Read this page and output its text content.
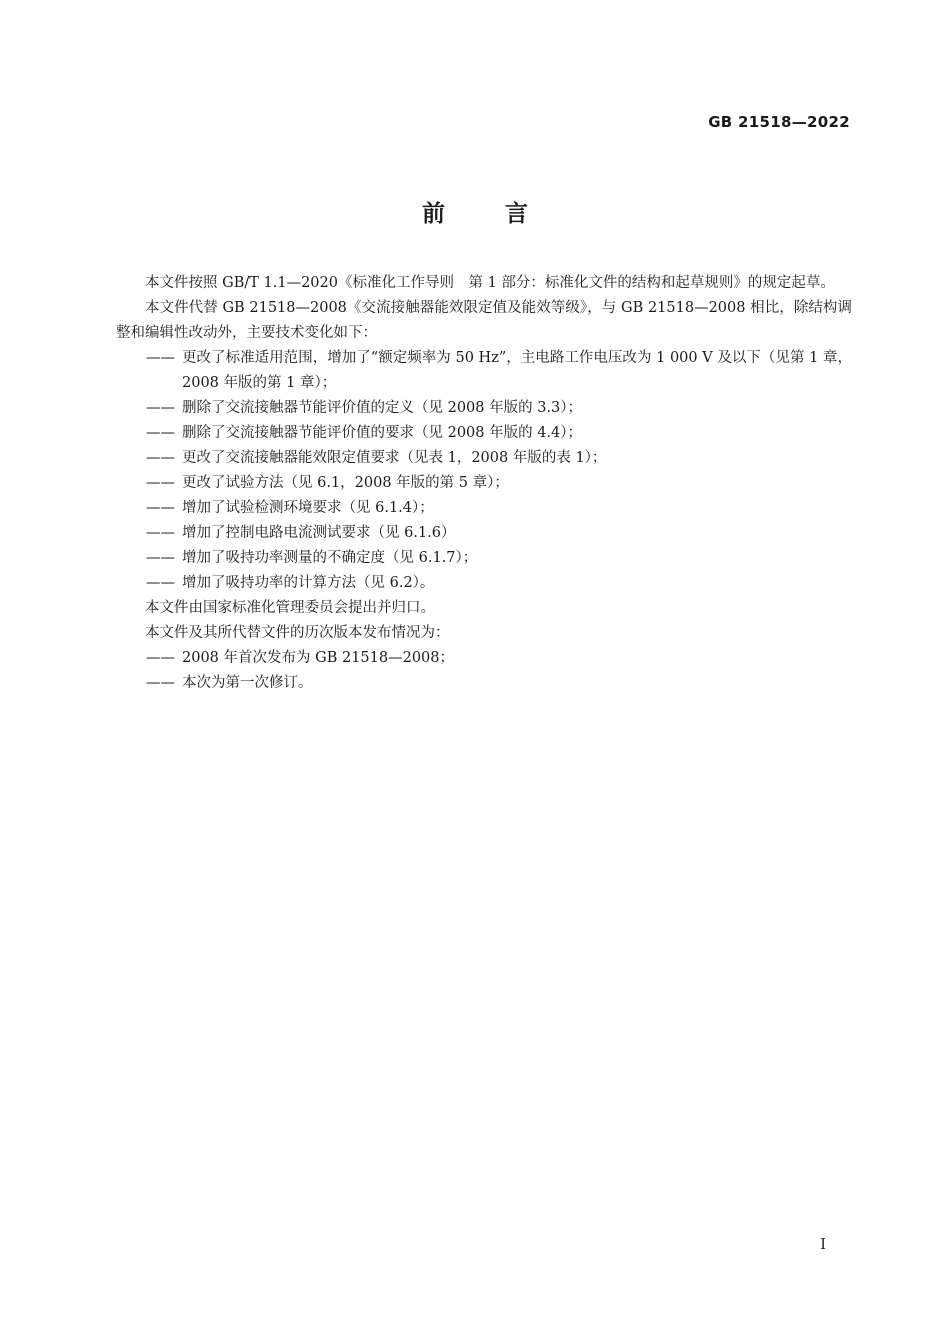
GB 21518—2022
前言

本文件按照 GB/T 1.1—2020《标准化工作导则　第 1 部分：标准化文件的结构和起草规则》的规定起草。

本文件代替 GB 21518—2008《交流接触器能效限定值及能效等级》，与 GB 21518—2008 相比，除结构调整和编辑性改动外，主要技术变化如下：

—— 更改了标准适用范围，增加了“额定频率为 50 Hz”，主电路工作电压改为 1 000 V 及以下（见第 1 章，2008 年版的第 1 章）；

—— 删除了交流接触器节能评价值的定义（见 2008 年版的 3.3）；

—— 删除了交流接触器节能评价值的要求（见 2008 年版的 4.4）；

—— 更改了交流接触器能效限定值要求（见表 1，2008 年版的表 1）；

—— 更改了试验方法（见 6.1，2008 年版的第 5 章）；

—— 增加了试验检测环境要求（见 6.1.4）；

—— 增加了控制电路电流测试要求（见 6.1.6）

—— 增加了吸持功率测量的不确定度（见 6.1.7）；

—— 增加了吸持功率的计算方法（见 6.2）。

本文件由国家标准化管理委员会提出并归口。

本文件及其所代替文件的历次版本发布情况为：

—— 2008 年首次发布为 GB 21518—2008；

—— 本次为第一次修订。

I
